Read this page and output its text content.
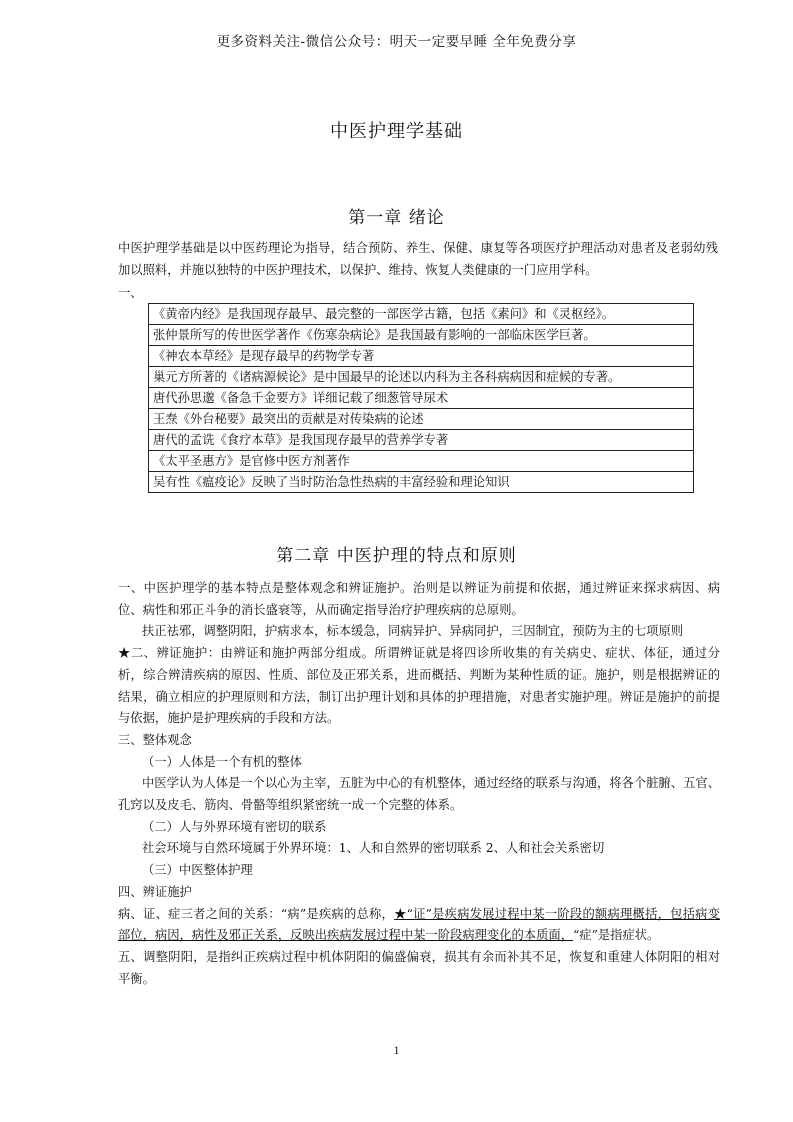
更多资料关注-微信公众号：明天一定要早睡 全年免费分享
中医护理学基础
第一章 绪论

中医护理学基础是以中医药理论为指导，结合预防、养生、保健、康复等各项医疗护理活动对患者及老弱幼残加以照料，并施以独特的中医护理技术，以保护、维持、恢复人类健康的一门应用学科。

一、
《黄帝内经》是我国现存最早、最完整的一部医学古籍，包括《素问》和《灵枢经》。
张仲景所写的传世医学著作《伤寒杂病论》是我国最有影响的一部临床医学巨著。
《神农本草经》是现存最早的药物学专著
巢元方所著的《诸病源候论》是中国最早的论述以内科为主各科病病因和症候的专著。
唐代孙思邈《备急千金要方》详细记载了细葱管导尿术
王焘《外台秘要》最突出的贡献是对传染病的论述
唐代的孟诜《食疗本草》是我国现存最早的营养学专著
《太平圣惠方》是官修中医方剂著作
吴有性《瘟疫论》反映了当时防治急性热病的丰富经验和理论知识
第二章 中医护理的特点和原则

一、中医护理学的基本特点是整体观念和辨证施护。治则是以辨证为前提和依据，通过辨证来探求病因、病位、病性和邪正斗争的消长盛衰等，从而确定指导治疗护理疾病的总原则。

扶正祛邪，调整阴阳，护病求本，标本缓急，同病异护、异病同护，三因制宜，预防为主的七项原则

★二、辨证施护：由辨证和施护两部分组成。所谓辨证就是将四诊所收集的有关病史、症状、体征，通过分析，综合辨清疾病的原因、性质、部位及正邪关系，进而概括、判断为某种性质的证。施护，则是根据辨证的结果，确立相应的护理原则和方法，制订出护理计划和具体的护理措施，对患者实施护理。辨证是施护的前提与依据，施护是护理疾病的手段和方法。

三、整体观念

（一）人体是一个有机的整体

中医学认为人体是一个以心为主宰，五脏为中心的有机整体，通过经络的联系与沟通，将各个脏腑、五官、孔窍以及皮毛、筋肉、骨骼等组织紧密统一成一个完整的体系。

（二）人与外界环境有密切的联系

社会环境与自然环境属于外界环境：1、人和自然界的密切联系 2、人和社会关系密切

（三）中医整体护理

四、辨证施护

病、证、症三者之间的关系：“病”是疾病的总称，★“证”是疾病发展过程中某一阶段的额病理概括，包括病变部位，病因，病性及邪正关系，反映出疾病发展过程中某一阶段病理变化的本质面，“症”是指症状。

五、调整阴阳，是指纠正疾病过程中机体阴阳的偏盛偏衰，损其有余而补其不足，恢复和重建人体阴阳的相对平衡。

1
